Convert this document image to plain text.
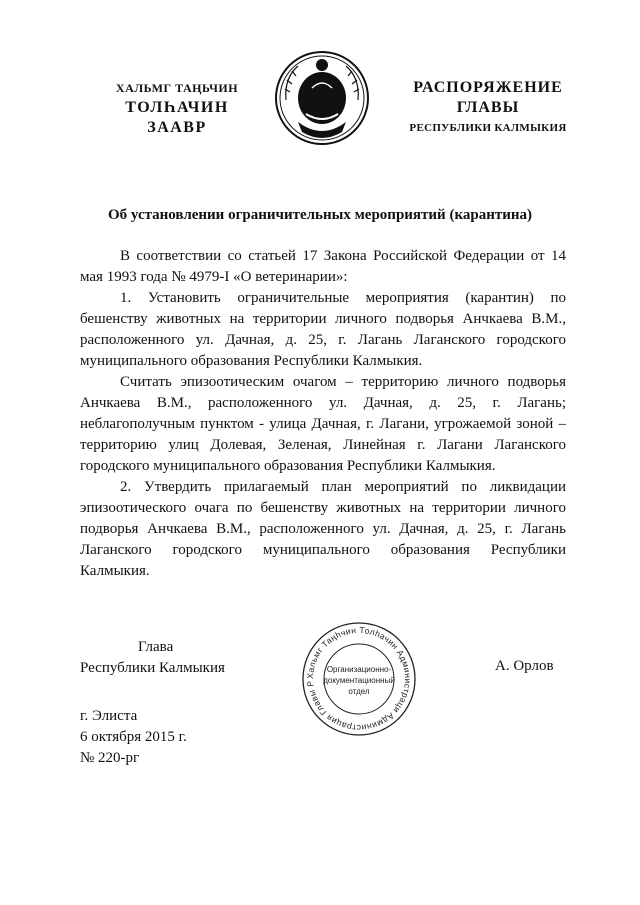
ХАЛЬМГ ТАҢЬЧИН
ТОЛҺАЧИН
ЗААВР
РАСПОРЯЖЕНИЕ
ГЛАВЫ
РЕСПУБЛИКИ КАЛМЫКИЯ
Об установлении ограничительных мероприятий (карантина)

В соответствии со статьей 17 Закона Российской Федерации от 14 мая 1993 года № 4979-I «О ветеринарии»:

1. Установить ограничительные мероприятия (карантин) по бешенству животных на территории личного подворья Анчкаева В.М., расположенного ул. Дачная, д. 25, г. Лагань Лаганского городского муниципального образования Республики Калмыкия.

Считать эпизоотическим очагом – территорию личного подворья Анчкаева В.М., расположенного ул. Дачная, д. 25, г. Лагань; неблагополучным пунктом - улица Дачная, г. Лагани, угрожаемой зоной – территорию улиц Долевая, Зеленая, Линейная г. Лагани Лаганского городского муниципального образования Республики Калмыкия.

2. Утвердить прилагаемый план мероприятий по ликвидации эпизоотического очага по бешенству животных на территории личного подворья Анчкаева В.М., расположенного ул. Дачная, д. 25, г. Лагань Лаганского городского муниципального образования Республики Калмыкия.

Глава
Республики Калмыкия	Хальмг Таңһчин Толһачин Администраци Администрация Главы Р
Организационно-
документационный
отдел
А. Орлов
г. Элиста
6 октября 2015 г.
№ 220-рг
